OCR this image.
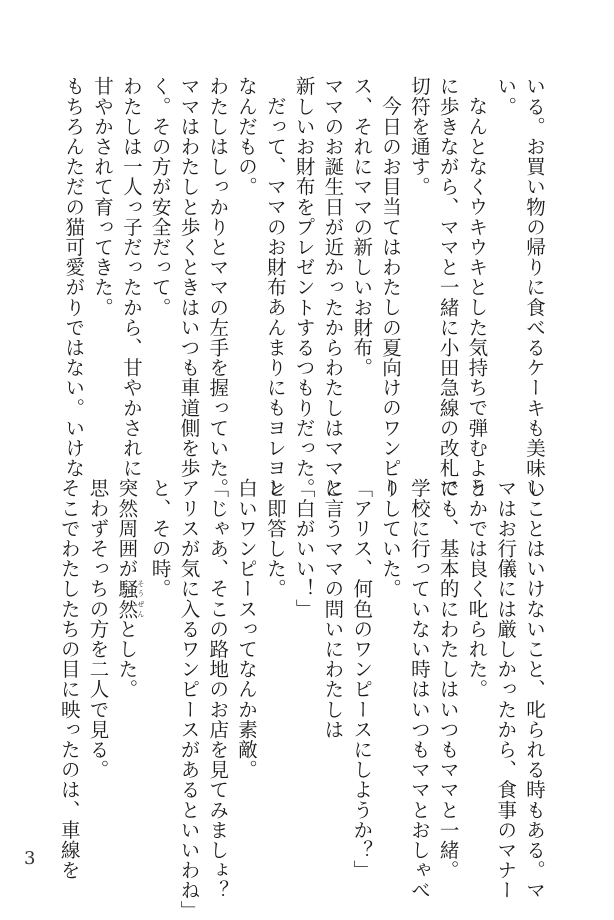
いる。お買い物の帰りに食べるケーキも美味し

い。

なんとなくウキウキとした気持ちで弾むよう

に歩きながら、ママと一緒に小田急線の改札に

切符を通す。

今日のお目当てはわたしの夏向けのワンピー

ス、それにママの新しいお財布。

ママのお誕生日が近かったからわたしはママに

新しいお財布をプレゼントするつもりだった。

だって、ママのお財布あんまりにもヨレヨレ

なんだもの。

わたしはしっかりとママの左手を握っていた。

ママはわたしと歩くときはいつも車道側を歩

く。その方が安全だって。

わたしは一人っ子だったから、甘やかされに

甘やかされて育ってきた。

もちろんただの猫可愛がりではない。いけな

いことはいけないこと、叱られる時もある。マ

マはお行儀には厳しかったから、食事のマナー

とかでは良く叱られた。

でも、基本的にわたしはいつもママと一緒。

学校に行っていない時はいつもママとおしゃべ

りしていた。

「アリス、何色のワンピースにしようか？」

と言うママの問いにわたしは

「白がいい！」

と即答した。

白いワンピースってなんか素敵。

「じゃあ、そこの路地のお店を見てみましょ？

アリスが気に入るワンピースがあるといいわね」

と、その時。

突然周囲が騒然そうぜんとした。

思わずそっちの方を二人で見る。

そこでわたしたちの目に映ったのは、車線を

3
